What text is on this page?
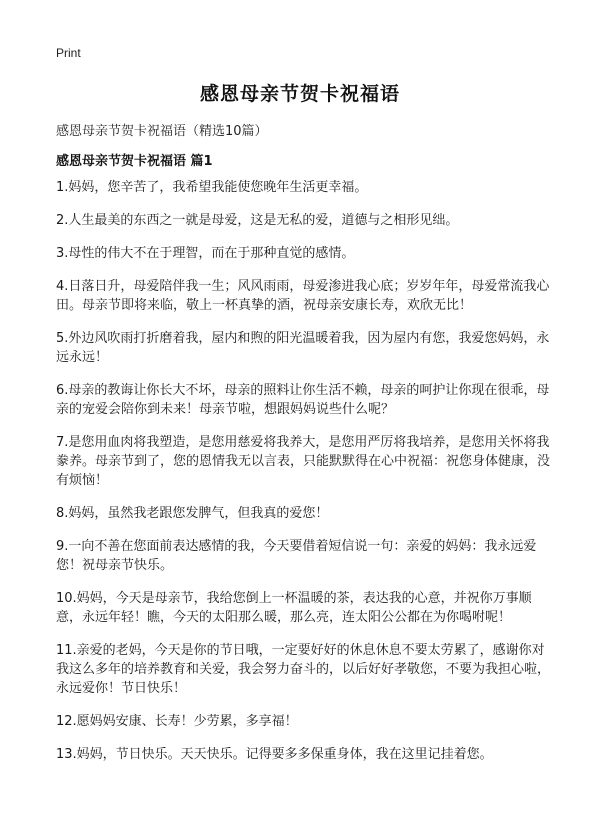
Print
感恩母亲节贺卡祝福语
感恩母亲节贺卡祝福语（精选10篇）
感恩母亲节贺卡祝福语 篇1

1.妈妈，您辛苦了，我希望我能使您晚年生活更幸福。

2.人生最美的东西之一就是母爱，这是无私的爱，道德与之相形见绌。

3.母性的伟大不在于理智，而在于那种直觉的感情。

4.日落日升，母爱陪伴我一生；风风雨雨，母爱渗进我心底；岁岁年年，母爱常流我心田。母亲节即将来临，敬上一杯真挚的酒，祝母亲安康长寿，欢欣无比！

5.外边风吹雨打折磨着我，屋内和煦的阳光温暖着我，因为屋内有您，我爱您妈妈，永远永远！

6.母亲的教诲让你长大不坏，母亲的照料让你生活不赖，母亲的呵护让你现在很乖，母亲的宠爱会陪你到未来！母亲节啦，想跟妈妈说些什么呢？

7.是您用血肉将我塑造，是您用慈爱将我养大，是您用严厉将我培养，是您用关怀将我豢养。母亲节到了，您的恩情我无以言表，只能默默得在心中祝福：祝您身体健康，没有烦恼！

8.妈妈，虽然我老跟您发脾气，但我真的爱您！

9.一向不善在您面前表达感情的我，今天要借着短信说一句：亲爱的妈妈：我永远爱您！祝母亲节快乐。

10.妈妈，今天是母亲节，我给您倒上一杯温暖的茶，表达我的心意，并祝你万事顺意，永远年轻！瞧，今天的太阳那么暖，那么亮，连太阳公公都在为你喝咐呢！

11.亲爱的老妈，今天是你的节日哦，一定要好好的休息休息不要太劳累了，感谢你对我这么多年的培养教育和关爱，我会努力奋斗的，以后好好孝敬您，不要为我担心啦，永远爱你！节日快乐！

12.愿妈妈安康、长寿！少劳累，多享福！

13.妈妈，节日快乐。天天快乐。记得要多多保重身体，我在这里记挂着您。
